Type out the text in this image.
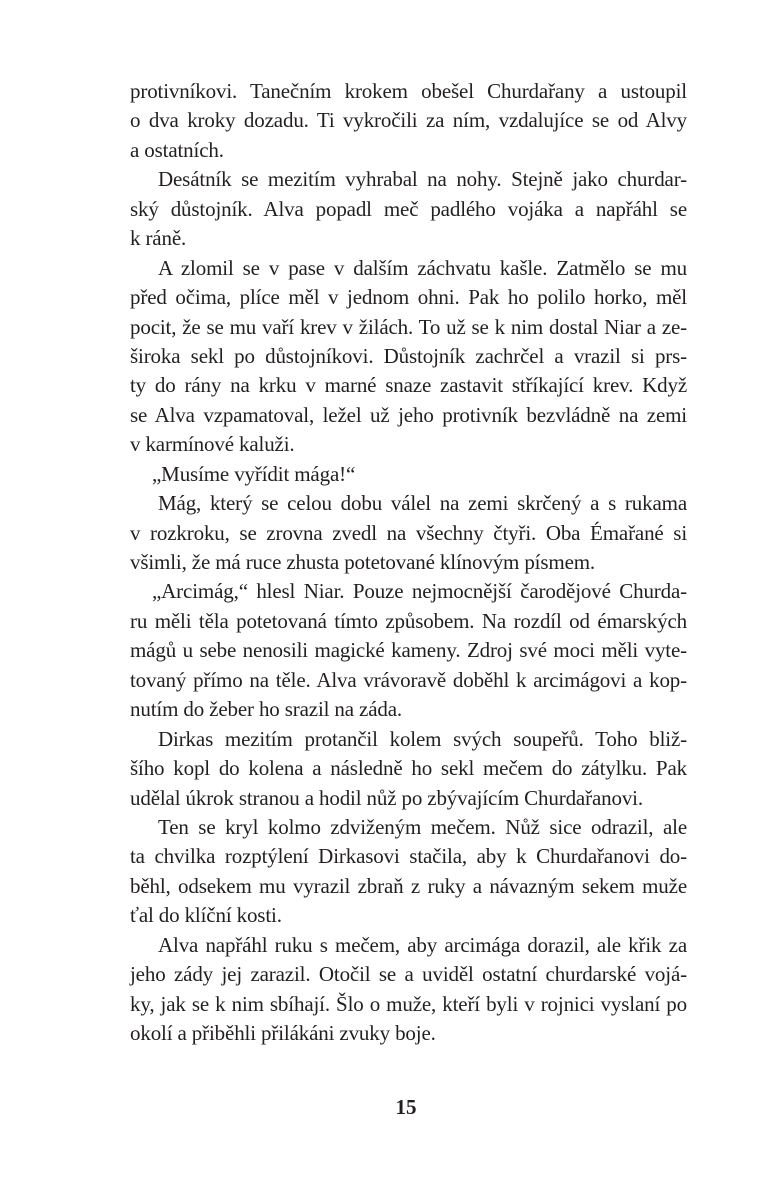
protivníkovi. Tanečním krokem obešel Churdařany a ustoupil
o dva kroky dozadu. Ti vykročili za ním, vzdalujíce se od Alvy
a ostatních.
Desátník se mezitím vyhrabal na nohy. Stejně jako churdar-
ský důstojník. Alva popadl meč padlého vojáka a napřáhl se
k ráně.
A zlomil se v pase v dalším záchvatu kašle. Zatmělo se mu
před očima, plíce měl v jednom ohni. Pak ho polilo horko, měl
pocit, že se mu vaří krev v žilách. To už se k nim dostal Niar a ze-
široka sekl po důstojníkovi. Důstojník zachrčel a vrazil si prs-
ty do rány na krku v marné snaze zastavit stříkající krev. Když
se Alva vzpamatoval, ležel už jeho protivník bezvládně na zemi
v karmínové kaluži.
„Musíme vyřídit mága!“
Mág, který se celou dobu válel na zemi skrčený a s rukama
v rozkroku, se zrovna zvedl na všechny čtyři. Oba Émařané si
všimli, že má ruce zhusta potetované klínovým písmem.
„Arcimág,“ hlesl Niar. Pouze nejmocnější čarodějové Churda-
ru měli těla potetovaná tímto způsobem. Na rozdíl od émarských
mágů u sebe nenosili magické kameny. Zdroj své moci měli vyte-
tovaný přímo na těle. Alva vrávoravě doběhl k arcimágovi a kop-
nutím do žeber ho srazil na záda.
Dirkas mezitím protančil kolem svých soupeřů. Toho bliž-
šího kopl do kolena a následně ho sekl mečem do zátylku. Pak
udělal úkrok stranou a hodil nůž po zbývajícím Churdařanovi.
Ten se kryl kolmo zdviženým mečem. Nůž sice odrazil, ale
ta chvilka rozptýlení Dirkasovi stačila, aby k Churdařanovi do-
běhl, odsekem mu vyrazil zbraň z ruky a návazným sekem muže
ťal do klíční kosti.
Alva napřáhl ruku s mečem, aby arcimága dorazil, ale křik za
jeho zády jej zarazil. Otočil se a uviděl ostatní churdarské vojá-
ky, jak se k nim sbíhají. Šlo o muže, kteří byli v rojnici vyslaní po
okolí a přiběhli přilákáni zvuky boje.
15
